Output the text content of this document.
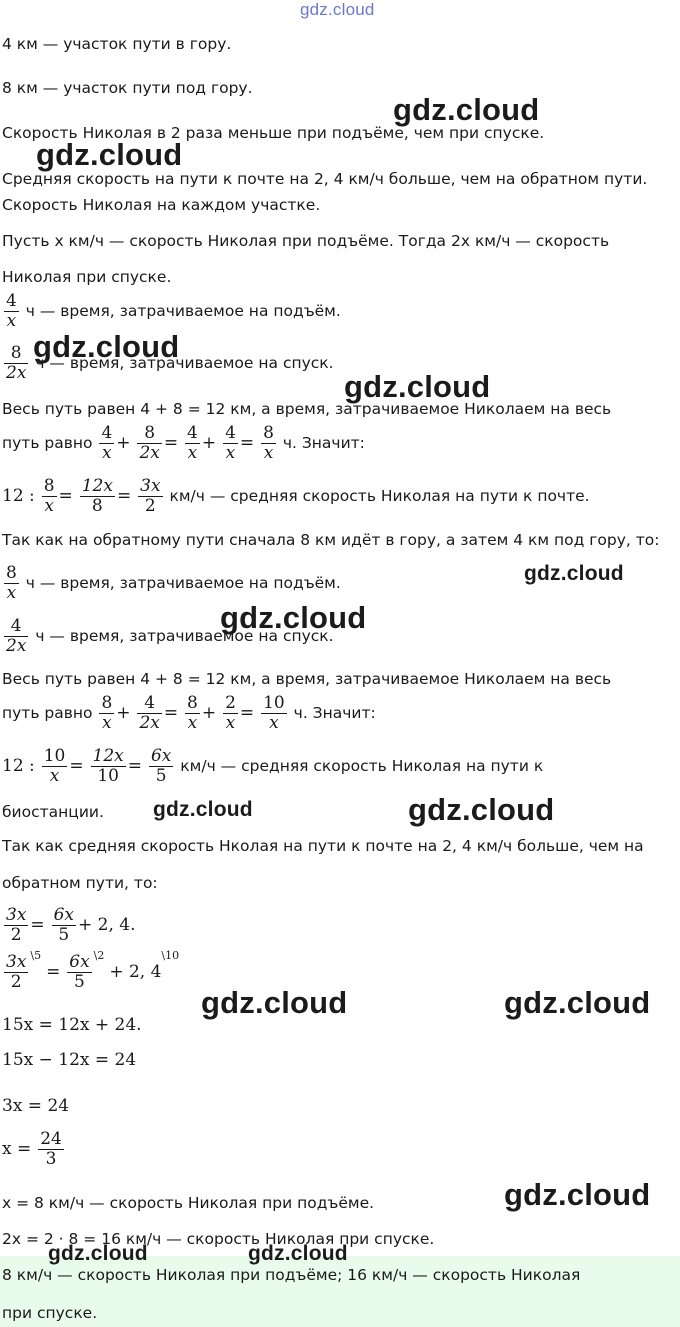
gdz.cloud
4 км — участок пути в гору.
8 км — участок пути под гору.
Скорость Николая в 2 раза меньше при подъёме, чем при спуске.
Средняя скорость на пути к почте на 2, 4 км/ч больше, чем на обратном пути.
Скорость Николая на каждом участке.
Пусть x км/ч — скорость Николая при подъёме. Тогда 2x км/ч — скорость
Николая при спуске.
$\frac{4}{x}$ ч — время, затрачиваемое на подъём.
$\frac{8}{2x}$ ч — время, затрачиваемое на спуск.
Весь путь равен 4 + 8 = 12 км, а время, затрачиваемое Николаем на весь
путь равно $\frac{4}{x} + \frac{8}{2x} = \frac{4}{x} + \frac{4}{x} = \frac{8}{x} ч$. Значит:
12 : $\frac{8}{x} = \frac{12x}{8} = \frac{3x}{2} км/ч$ — средняя скорость Николая на пути к почте.
Так как на обратному пути сначала 8 км идёт в гору, а затем 4 км под гору, то:
$\frac{8}{x}$ ч — время, затрачиваемое на подъём.
$\frac{4}{2x}$ ч — время, затрачиваемое на спуск.
Весь путь равен 4 + 8 = 12 км, а время, затрачиваемое Николаем на весь
путь равно $\frac{8}{x} + \frac{4}{2x} = \frac{8}{x} + \frac{2}{x} = \frac{10}{x} ч$. Значит:
12 : $\frac{10}{x} = \frac{12x}{10} = \frac{6x}{5} км/ч$ — средняя скорость Николая на пути к
биостанции.
Так как средняя скорость Нколая на пути к почте на 2, 4 км/ч больше, чем на
обратном пути, то:
$\frac{3x}{2} = \frac{6x}{5} + 2$, 4.
$\frac{3x}{2} ^{\backslash 5} = \frac{6x}{5} ^{\backslash 2} + 2$, $4^{\backslash 10}$
15x = 12x + 24.
15x − 12x = 24
3x = 24
$x = \frac{24}{3}$
x = 8 км/ч — скорость Николая при подъёме.
2x = 2 · 8 = 16 км/ч — скорость Николая при спуске.
8 км/ч — скорость Николая при подъёме; 16 км/ч — скорость Николая
при спуске.
gdz.cloud
gdz.cloud
gdz.cloud
gdz.cloud
gdz.cloud
gdz.cloud
gdz.cloud	gdz.cloud
gdz.cloud	gdz.cloud
gdz.cloud
gdz.cloud	gdz.cloud
